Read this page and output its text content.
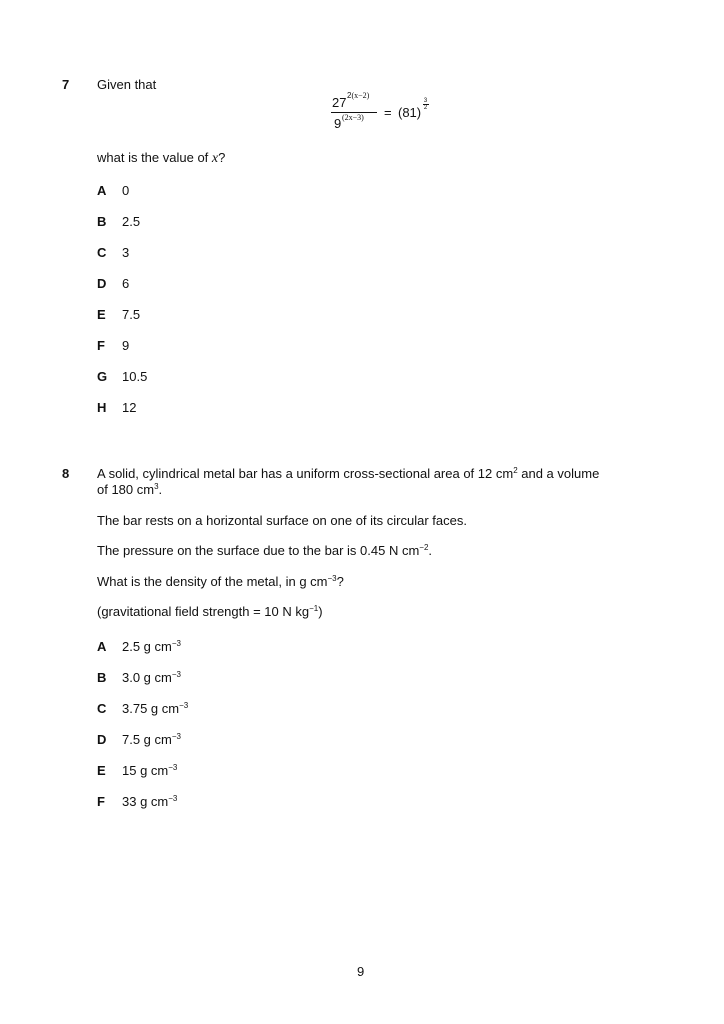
7 Given that
27 2(x−2)
9 (2x−3) = (81)
3
2
what is the value of x?
A 0
B 2.5
C 3
D 6
E 7.5
F 9
G 10.5
H 12
8 A solid, cylindrical metal bar has a uniform cross-sectional area of 12 $cm^2$ and a volume
of 180 $cm^3$.
The bar rests on a horizontal surface on one of its circular faces.
The pressure on the surface due to the bar is 0.45 N $cm^{-2}$.
What is the density of the metal, in g $cm^{-3}$?
(gravitational field strength = 10 N $kg^{-1}$)
A 2.5 g $cm^{-3}$
B 3.0 g $cm^{-3}$
C 3.75 g $cm^{-3}$
D 7.5 g $cm^{-3}$
E 15 g $cm^{-3}$
F 33 g $cm^{-3}$
9
